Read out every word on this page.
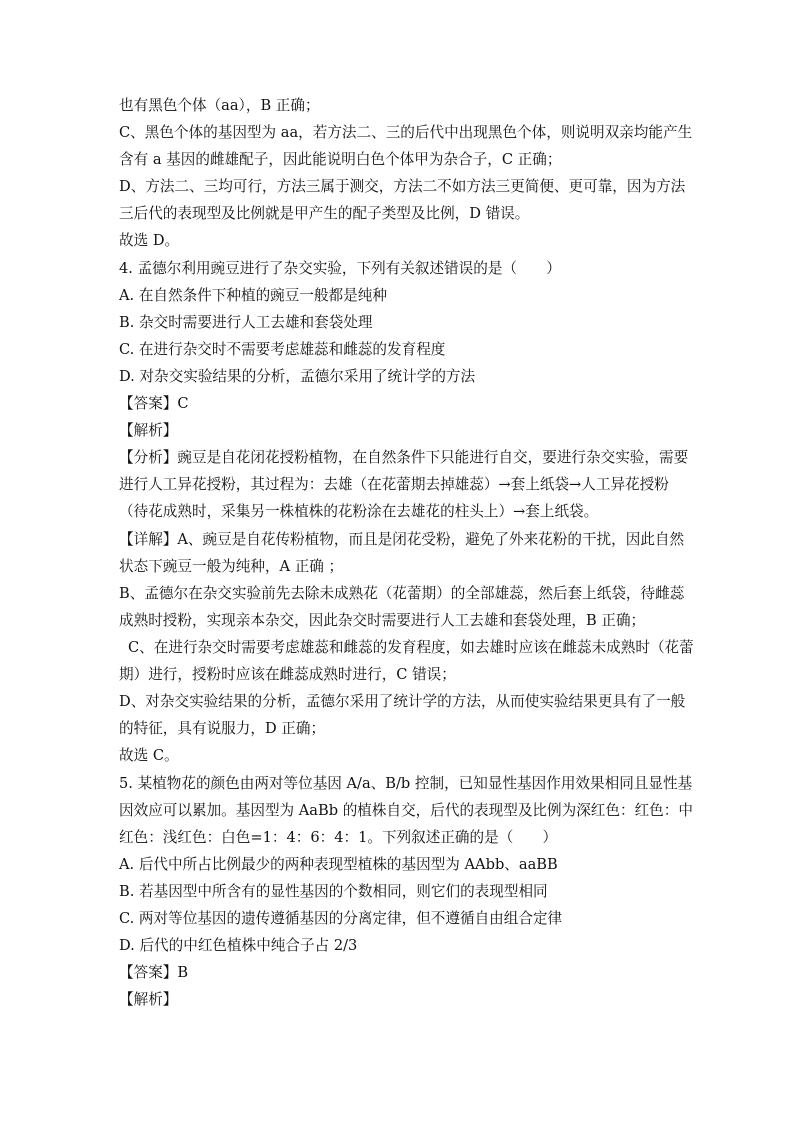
也有黑色个体（aa），B 正确；
C、黑色个体的基因型为 aa，若方法二、三的后代中出现黑色个体，则说明双亲均能产生
含有 a 基因的雌雄配子，因此能说明白色个体甲为杂合子，C 正确；
D、方法二、三均可行，方法三属于测交，方法二不如方法三更简便、更可靠，因为方法
三后代的表现型及比例就是甲产生的配子类型及比例，D 错误。
故选 D。
4. 孟德尔利用豌豆进行了杂交实验，下列有关叙述错误的是（　　）
A. 在自然条件下种植的豌豆一般都是纯种
B. 杂交时需要进行人工去雄和套袋处理
C. 在进行杂交时不需要考虑雄蕊和雌蕊的发育程度
D. 对杂交实验结果的分析，孟德尔采用了统计学的方法
【答案】C
【解析】
【分析】豌豆是自花闭花授粉植物，在自然条件下只能进行自交，要进行杂交实验，需要
进行人工异花授粉，其过程为：去雄（在花蕾期去掉雄蕊）→套上纸袋→人工异花授粉
（待花成熟时，采集另一株植株的花粉涂在去雄花的柱头上）→套上纸袋。
【详解】A、豌豆是自花传粉植物，而且是闭花受粉，避免了外来花粉的干扰，因此自然
状态下豌豆一般为纯种，A 正确 ；
B、孟德尔在杂交实验前先去除未成熟花（花蕾期）的全部雄蕊，然后套上纸袋，待雌蕊
成熟时授粉，实现亲本杂交，因此杂交时需要进行人工去雄和套袋处理，B 正确；
C、在进行杂交时需要考虑雄蕊和雌蕊的发育程度，如去雄时应该在雌蕊未成熟时（花蕾
期）进行，授粉时应该在雌蕊成熟时进行，C 错误；
D、对杂交实验结果的分析，孟德尔采用了统计学的方法，从而使实验结果更具有了一般
的特征，具有说服力，D 正确；
故选 C。
5. 某植物花的颜色由两对等位基因 A/a、B/b 控制，已知显性基因作用效果相同且显性基
因效应可以累加。基因型为 AaBb 的植株自交，后代的表现型及比例为深红色：红色：中
红色：浅红色：白色=1：4：6：4：1。下列叙述正确的是（　　）
A. 后代中所占比例最少的两种表现型植株的基因型为 AAbb、aaBB
B. 若基因型中所含有的显性基因的个数相同，则它们的表现型相同
C. 两对等位基因的遗传遵循基因的分离定律，但不遵循自由组合定律
D. 后代的中红色植株中纯合子占 2/3
【答案】B
【解析】
